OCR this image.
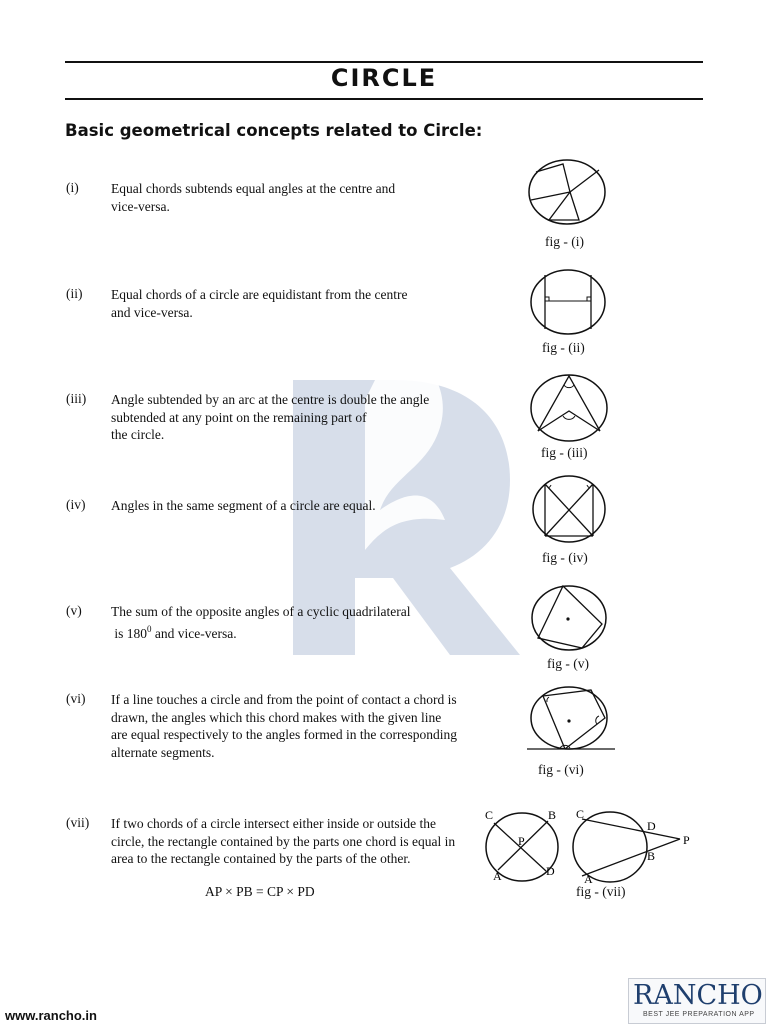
CIRCLE
Basic geometrical concepts related to Circle:
(i) Equal chords subtends equal angles at the centre and
vice-versa.
fig - (i)
(ii) Equal chords of a circle are equidistant from the centre
and vice-versa.
fig - (ii)
(iii) Angle subtended by an arc at the centre is double the angle
subtended at any point on the remaining part of
the circle.
fig - (iii)
(iv) Angles in the same segment of a circle are equal.
fig - (iv)
(v) The sum of the opposite angles of a cyclic quadrilateral
is $180^0$ and vice-versa.
fig - (v)
(vi) If a line touches a circle and from the point of contact a chord is
drawn, the angles which this chord makes with the given line
are equal respectively to the angles formed in the corresponding
alternate segments.
fig - (vi)
(vii) If two chords of a circle intersect either inside or outside the
circle, the rectangle contained by the parts one chord is equal in
area to the rectangle contained by the parts of the other.
AP × PB = CP × PD
C	B
P
A	D
C
D
P
B
A
fig - (vii)
www.rancho.in
RANCHO
BEST JEE PREPARATION APP
